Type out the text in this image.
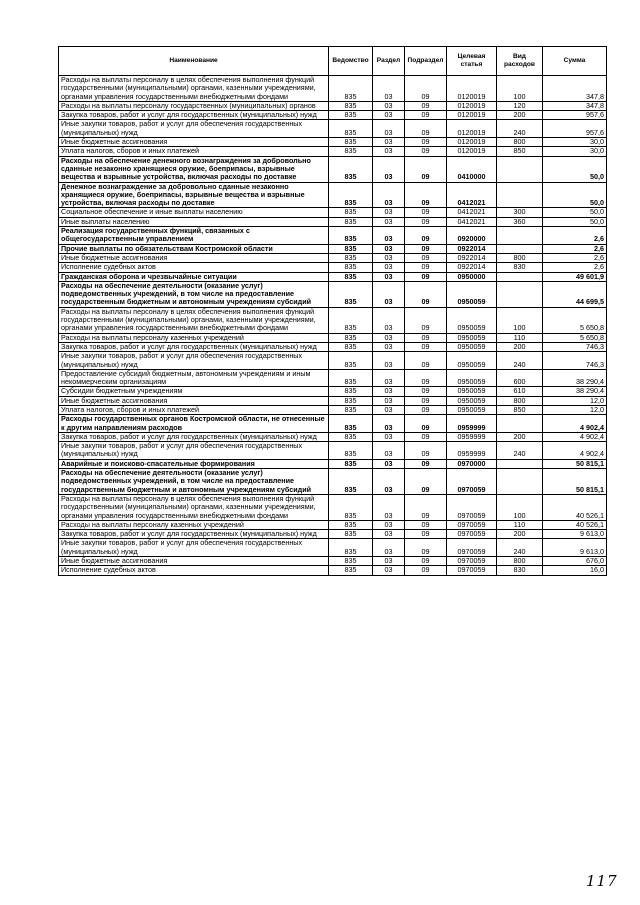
Наименование	Ведомство	Раздел	Подраздел	Целевая статья	Вид расходов	Сумма
Расходы на выплаты персоналу в целях обеспечения выполнения функций государственными (муниципальными) органами, казенными учреждениями, органами управления государственными внебюджетными фондами	835	03	09	0120019	100	347,8
Расходы на выплаты персоналу государственных (муниципальных) органов	835	03	09	0120019	120	347,8
Закупка товаров, работ и услуг для государственных (муниципальных) нужд	835	03	09	0120019	200	957,6
Иные закупки товаров, работ и услуг для обеспечения государственных (муниципальных) нужд	835	03	09	0120019	240	957,6
Иные бюджетные ассигнования	835	03	09	0120019	800	30,0
Уплата налогов, сборов и иных платежей	835	03	09	0120019	850	30,0
Расходы на обеспечение денежного вознаграждения за добровольно сданные незаконно хранящиеся оружие, боеприпасы, взрывные вещества и взрывные устройства, включая расходы по доставке	835	03	09	0410000		50,0
Денежное вознаграждение за добровольно сданные незаконно хранящиеся оружие, боеприпасы, взрывные вещества и взрывные устройства, включая расходы по доставке	835	03	09	0412021		50,0
Социальное обеспечение и иные выплаты населению	835	03	09	0412021	300	50,0
Иные выплаты населению	835	03	09	0412021	360	50,0
Реализация государственных функций, связанных с общегосударственным управлением	835	03	09	0920000		2,6
Прочие выплаты по обязательствам Костромской области	835	03	09	0922014		2,6
Иные бюджетные ассигнования	835	03	09	0922014	800	2,6
Исполнение судебных актов	835	03	09	0922014	830	2,6
Гражданская оборона и чрезвычайные ситуации	835	03	09	0950000		49 601,9
Расходы на обеспечение деятельности (оказание услуг) подведомственных учреждений, в том числе на предоставление государственным бюджетным и автономным учреждениям субсидий	835	03	09	0950059		44 699,5
Расходы на выплаты персоналу в целях обеспечения выполнения функций государственными (муниципальными) органами, казенными учреждениями, органами управления государственными внебюджетными фондами	835	03	09	0950059	100	5 650,8
Расходы на выплаты персоналу казенных учреждений	835	03	09	0950059	110	5 650,8
Закупка товаров, работ и услуг для государственных (муниципальных) нужд	835	03	09	0950059	200	746,3
Иные закупки товаров, работ и услуг для обеспечения государственных (муниципальных) нужд	835	03	09	0950059	240	746,3
Предоставление субсидий бюджетным, автономным учреждениям и иным некоммерческим организациям	835	03	09	0950059	600	38 290,4
Субсидии бюджетным учреждениям	835	03	09	0950059	610	38 290,4
Иные бюджетные ассигнования	835	03	09	0950059	800	12,0
Уплата налогов, сборов и иных платежей	835	03	09	0950059	850	12,0
Расходы государственных органов Костромской области, не отнесенные к другим направлениям расходов	835	03	09	0959999		4 902,4
Закупка товаров, работ и услуг для государственных (муниципальных) нужд	835	03	09	0959999	200	4 902,4
Иные закупки товаров, работ и услуг для обеспечения государственных (муниципальных) нужд	835	03	09	0959999	240	4 902,4
Аварийные и поисково-спасательные формирования	835	03	09	0970000		50 815,1
Расходы на обеспечение деятельности (оказание услуг) подведомственных учреждений, в том числе на предоставление государственным бюджетным и автономным учреждениям субсидий	835	03	09	0970059		50 815,1
Расходы на выплаты персоналу в целях обеспечения выполнения функций государственными (муниципальными) органами, казенными учреждениями, органами управления государственными внебюджетными фондами	835	03	09	0970059	100	40 526,1
Расходы на выплаты персоналу казенных учреждений	835	03	09	0970059	110	40 526,1
Закупка товаров, работ и услуг для государственных (муниципальных) нужд	835	03	09	0970059	200	9 613,0
Иные закупки товаров, работ и услуг для обеспечения государственных (муниципальных) нужд	835	03	09	0970059	240	9 613,0
Иные бюджетные ассигнования	835	03	09	0970059	800	676,0
Исполнение судебных актов	835	03	09	0970059	830	16,0
117
